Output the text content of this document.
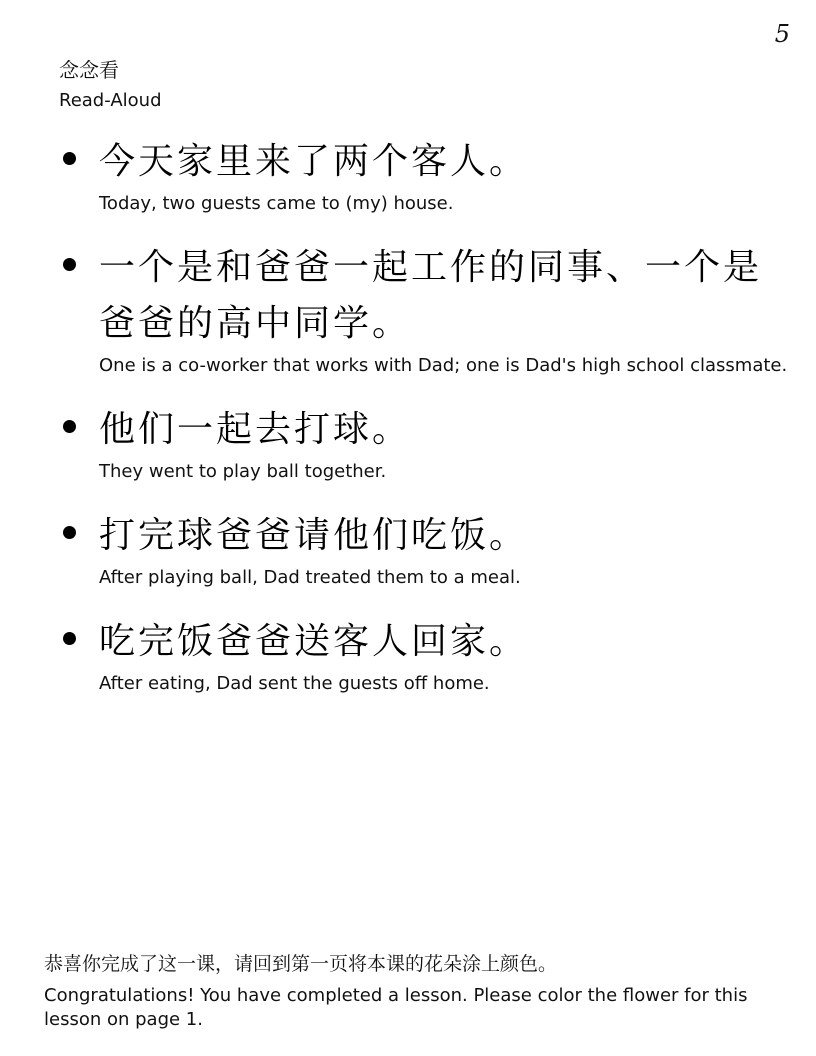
5
念念看
Read-Aloud
今天家里来了两个客人。
Today, two guests came to (my) house.
一个是和爸爸一起工作的同事、一个是爸爸的高中同学。
One is a co-worker that works with Dad; one is Dad's high school classmate.
他们一起去打球。
They went to play ball together.
打完球爸爸请他们吃饭。
After playing ball, Dad treated them to a meal.
吃完饭爸爸送客人回家。
After eating, Dad sent the guests off home.
恭喜你完成了这一课，请回到第一页将本课的花朵涂上颜色。
Congratulations! You have completed a lesson. Please color the flower for this lesson on page 1.
